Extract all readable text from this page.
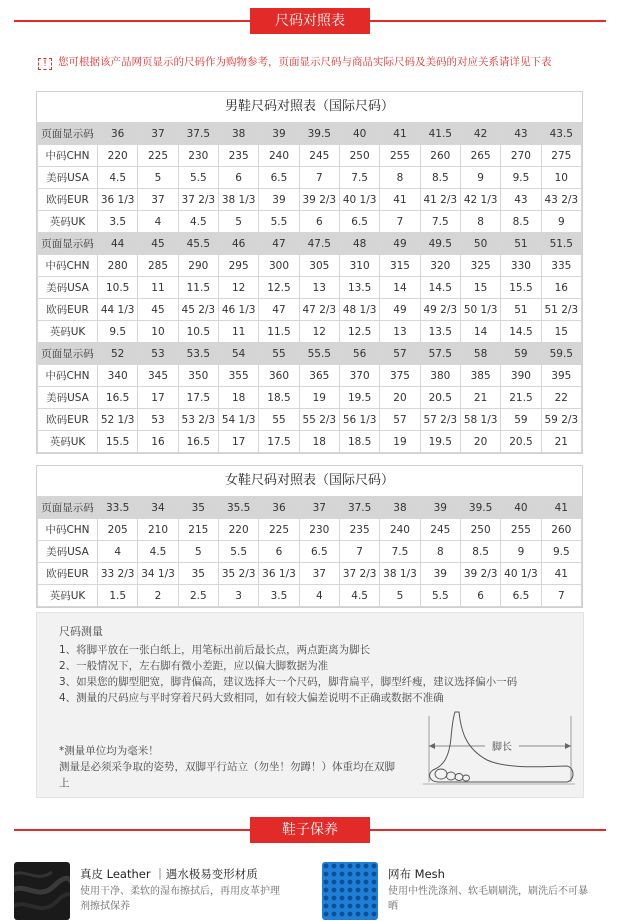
尺码对照表
! 您可根据该产品网页显示的尺码作为购物参考，页面显示尺码与商品实际尺码及美码的对应关系请详见下表
男鞋尺码对照表（国际尺码）
页面显示码	36	37	37.5	38	39	39.5	40	41	41.5	42	43	43.5
中码CHN	220	225	230	235	240	245	250	255	260	265	270	275
美码USA	4.5	5	5.5	6	6.5	7	7.5	8	8.5	9	9.5	10
欧码EUR	36 1/3	37	37 2/3	38 1/3	39	39 2/3	40 1/3	41	41 2/3	42 1/3	43	43 2/3
英码UK	3.5	4	4.5	5	5.5	6	6.5	7	7.5	8	8.5	9
页面显示码	44	45	45.5	46	47	47.5	48	49	49.5	50	51	51.5
中码CHN	280	285	290	295	300	305	310	315	320	325	330	335
美码USA	10.5	11	11.5	12	12.5	13	13.5	14	14.5	15	15.5	16
欧码EUR	44 1/3	45	45 2/3	46 1/3	47	47 2/3	48 1/3	49	49 2/3	50 1/3	51	51 2/3
英码UK	9.5	10	10.5	11	11.5	12	12.5	13	13.5	14	14.5	15
页面显示码	52	53	53.5	54	55	55.5	56	57	57.5	58	59	59.5
中码CHN	340	345	350	355	360	365	370	375	380	385	390	395
美码USA	16.5	17	17.5	18	18.5	19	19.5	20	20.5	21	21.5	22
欧码EUR	52 1/3	53	53 2/3	54 1/3	55	55 2/3	56 1/3	57	57 2/3	58 1/3	59	59 2/3
英码UK	15.5	16	16.5	17	17.5	18	18.5	19	19.5	20	20.5	21
女鞋尺码对照表（国际尺码）
页面显示码	33.5	34	35	35.5	36	37	37.5	38	39	39.5	40	41
中码CHN	205	210	215	220	225	230	235	240	245	250	255	260
美码USA	4	4.5	5	5.5	6	6.5	7	7.5	8	8.5	9	9.5
欧码EUR	33 2/3	34 1/3	35	35 2/3	36 1/3	37	37 2/3	38 1/3	39	39 2/3	40 1/3	41
英码UK	1.5	2	2.5	3	3.5	4	4.5	5	5.5	6	6.5	7
尺码测量
1、将脚平放在一张白纸上，用笔标出前后最长点，两点距离为脚长
2、一般情况下，左右脚有微小差距，应以偏大脚数据为准
3、如果您的脚型肥宽，脚背偏高，建议选择大一个尺码，脚背扁平，脚型纤瘦，建议选择偏小一码
4、测量的尺码应与平时穿着尺码大致相同，如有较大偏差说明不正确或数据不准确
*测量单位均为毫米！
测量是必须采争取的姿势，双脚平行站立（勿坐！勿蹲！）体重均在双脚上
脚长
鞋子保养
真皮 Leather ｜遇水极易变形材质
使用干净、柔软的湿布擦拭后，再用皮革护理剂擦拭保养
网布 Mesh
使用中性洗涤剂、软毛刷刷洗，刷洗后不可暴晒
